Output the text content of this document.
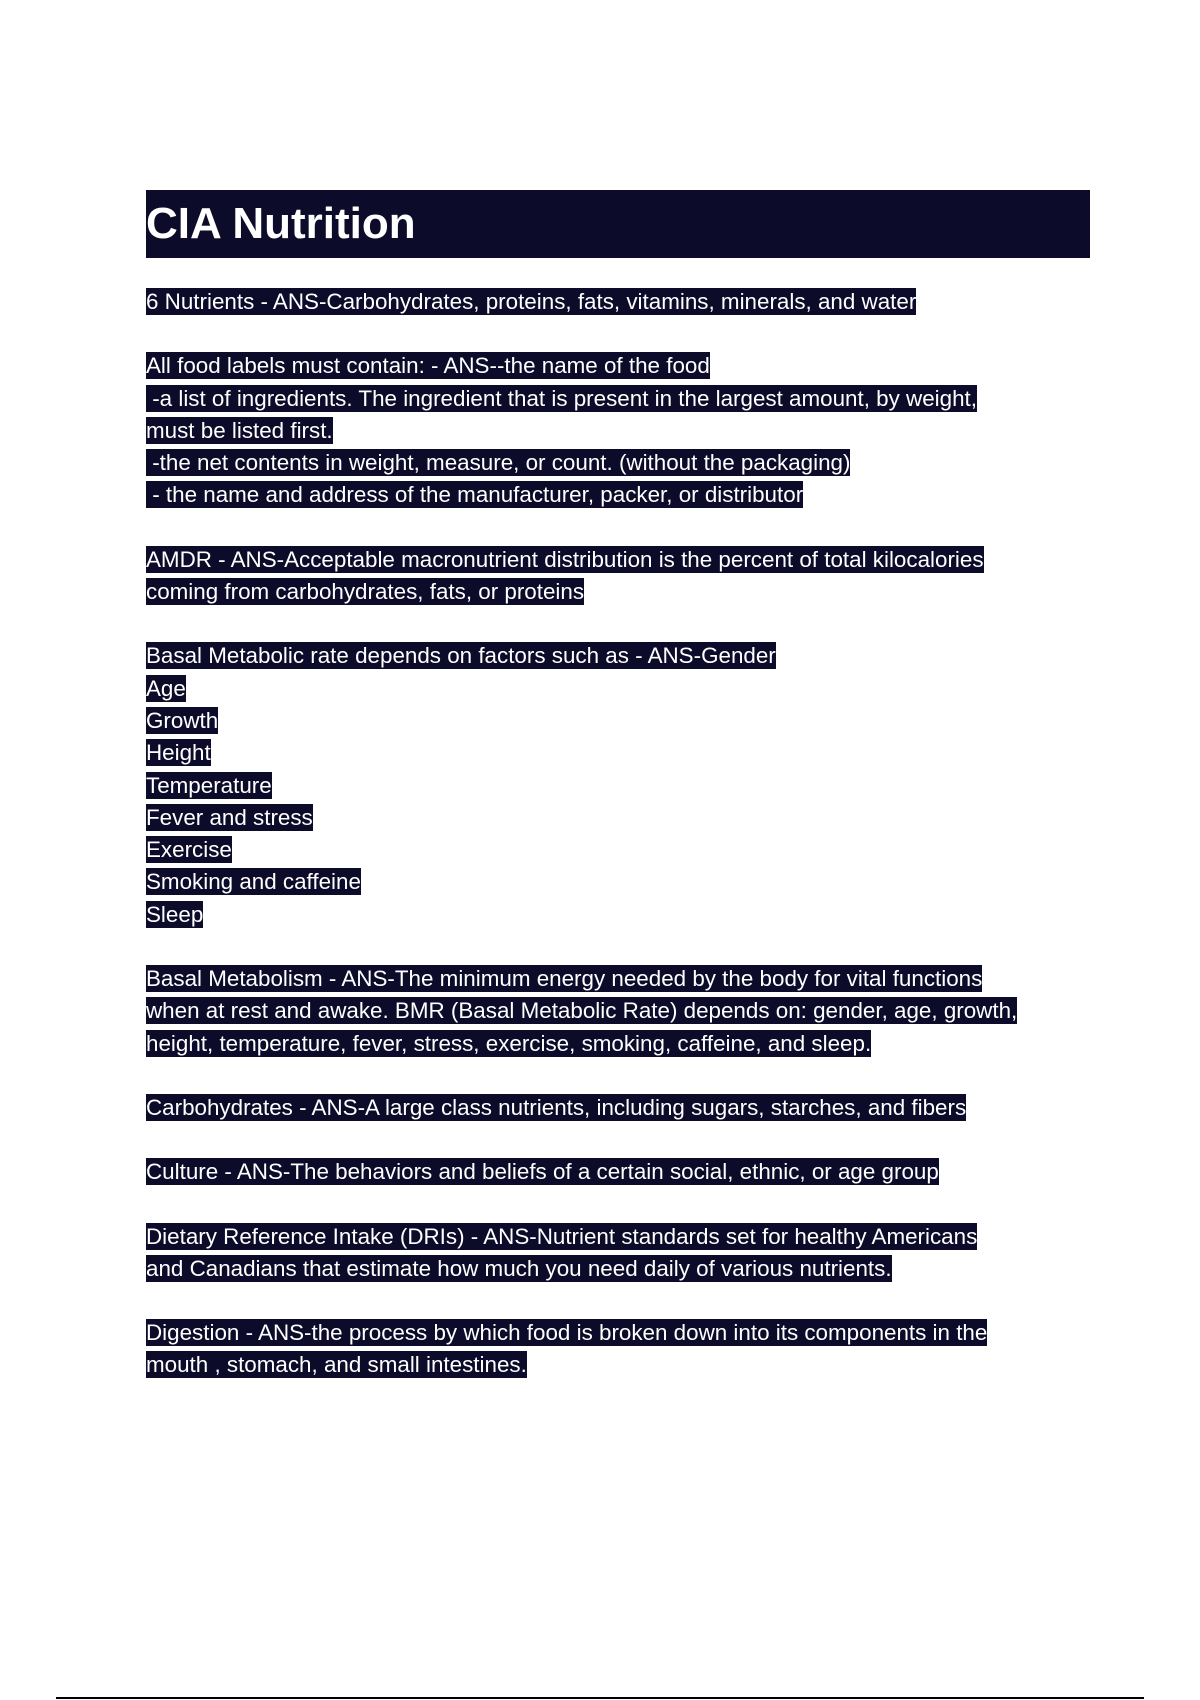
CIA Nutrition
6 Nutrients - ANS-Carbohydrates, proteins, fats, vitamins, minerals, and water
All food labels must contain: - ANS--the name of the food
-a list of ingredients. The ingredient that is present in the largest amount, by weight,
must be listed first.
-the net contents in weight, measure, or count. (without the packaging)
- the name and address of the manufacturer, packer, or distributor
AMDR - ANS-Acceptable macronutrient distribution is the percent of total kilocalories
coming from carbohydrates, fats, or proteins
Basal Metabolic rate depends on factors such as - ANS-Gender
Age
Growth
Height
Temperature
Fever and stress
Exercise
Smoking and caffeine
Sleep
Basal Metabolism - ANS-The minimum energy needed by the body for vital functions
when at rest and awake. BMR (Basal Metabolic Rate) depends on: gender, age, growth,
height, temperature, fever, stress, exercise, smoking, caffeine, and sleep.
Carbohydrates - ANS-A large class nutrients, including sugars, starches, and fibers
Culture - ANS-The behaviors and beliefs of a certain social, ethnic, or age group
Dietary Reference Intake (DRIs) - ANS-Nutrient standards set for healthy Americans
and Canadians that estimate how much you need daily of various nutrients.
Digestion - ANS-the process by which food is broken down into its components in the
mouth , stomach, and small intestines.
